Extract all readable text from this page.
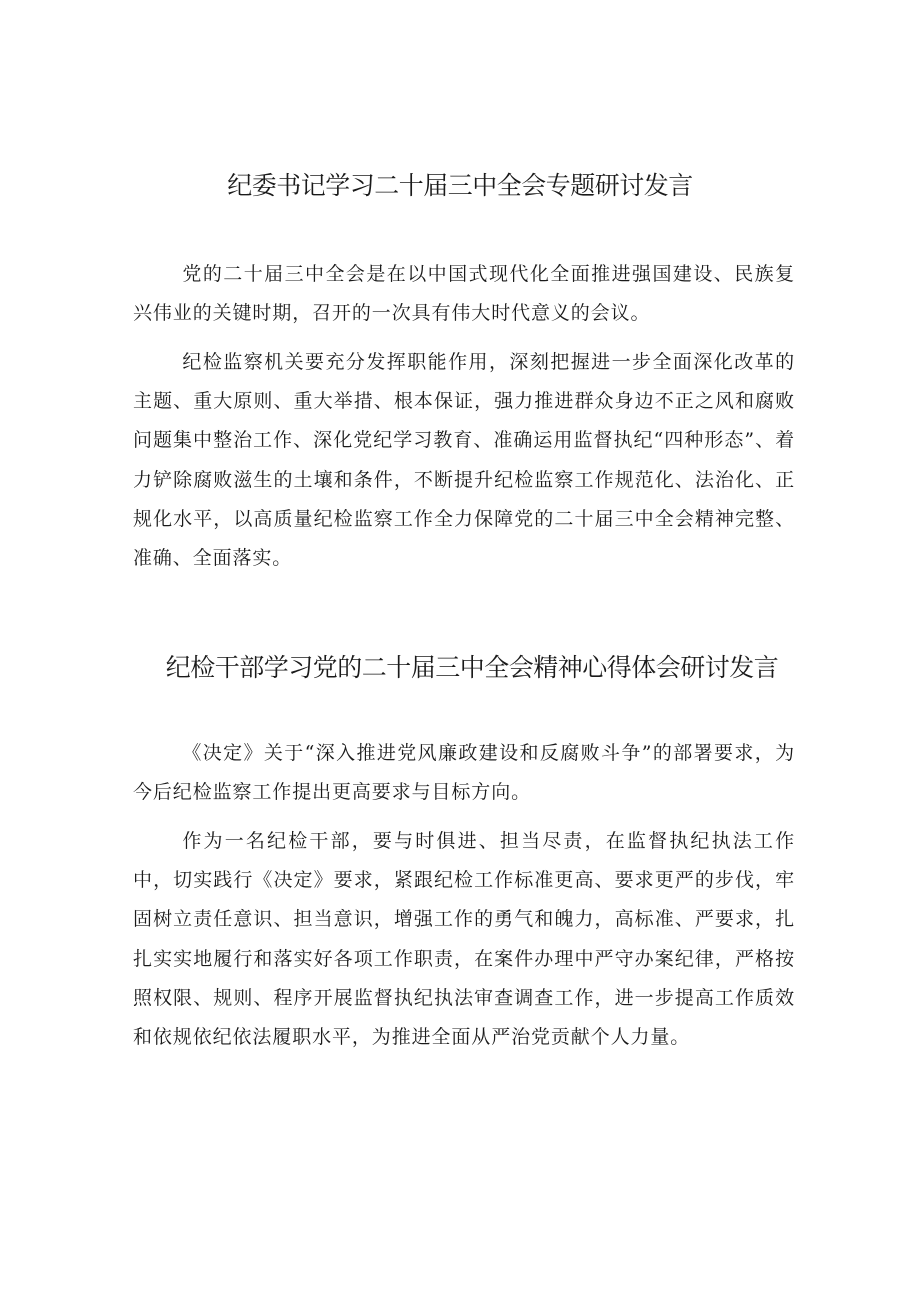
纪委书记学习二十届三中全会专题研讨发言

党的二十届三中全会是在以中国式现代化全面推进强国建设、民族复兴伟业的关键时期，召开的一次具有伟大时代意义的会议。

纪检监察机关要充分发挥职能作用，深刻把握进一步全面深化改革的主题、重大原则、重大举措、根本保证，强力推进群众身边不正之风和腐败问题集中整治工作、深化党纪学习教育、准确运用监督执纪“四种形态”、着力铲除腐败滋生的土壤和条件，不断提升纪检监察工作规范化、法治化、正规化水平，以高质量纪检监察工作全力保障党的二十届三中全会精神完整、准确、全面落实。

纪检干部学习党的二十届三中全会精神心得体会研讨发言

《决定》关于“深入推进党风廉政建设和反腐败斗争”的部署要求，为今后纪检监察工作提出更高要求与目标方向。

作为一名纪检干部，要与时俱进、担当尽责，在监督执纪执法工作中，切实践行《决定》要求，紧跟纪检工作标准更高、要求更严的步伐，牢固树立责任意识、担当意识，增强工作的勇气和魄力，高标准、严要求，扎扎实实地履行和落实好各项工作职责，在案件办理中严守办案纪律，严格按照权限、规则、程序开展监督执纪执法审查调查工作，进一步提高工作质效和依规依纪依法履职水平，为推进全面从严治党贡献个人力量。
